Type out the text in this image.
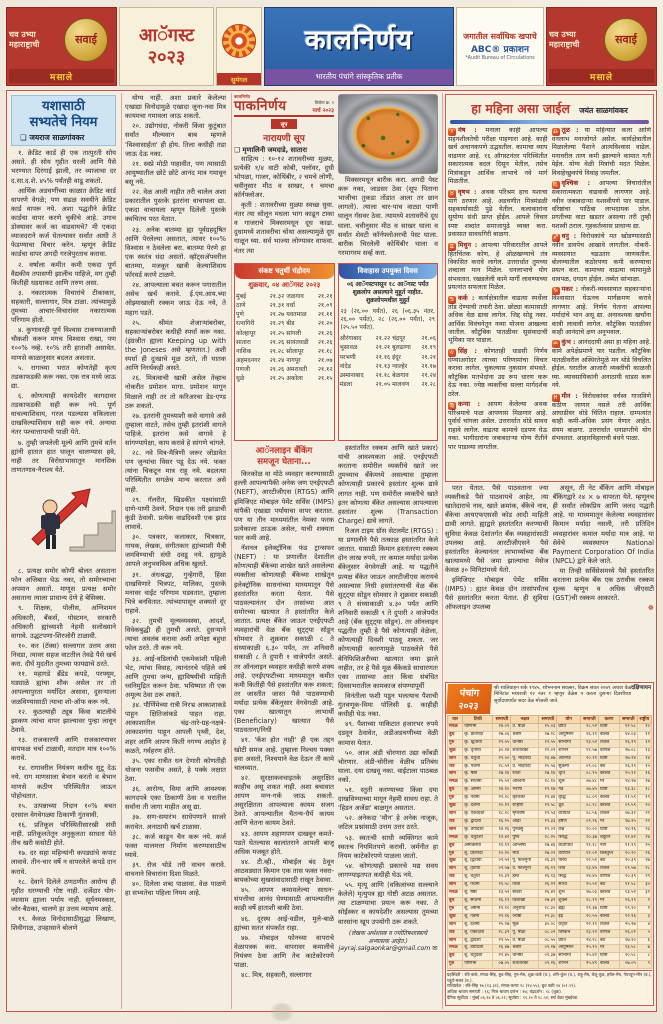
चव उभ्या महाराष्ट्राची	सवाई
मसाले
आॅगस्ट
२०२३
सुमंगल
कालनिर्णय
भारतीय पंचांगे सांस्कृतिक प्रतीक
जगातील सर्वाधिक खपाचे
ABC® प्रकाशन
*Audit Bureau of Circulations
चव उभ्या महाराष्ट्राची	सवाई
मसाले
यशासाठी
सभ्यतेचे नियम
❑ जयराज साळगांवकर

१. क्रेडिट कार्ड ही एक तात्पुरती सोय असते. ही सोय गृहीत धरली आणि पैसे भरण्यात दिरंगाई झाली, तर व्याजाचा दर द.सा.द.शे. ४५% पर्यंतही वाढू शकतो.

आर्थिक अडचणींच्या काळात क्रेडिट कार्ड वापरणे वेगळे; पण सढळ सवयीने क्रेडिट कार्ड वापरू नये. अशा पद्धतीने क्रेडिट कार्डचा वापर करणे चुकीचे आहे. उगाच डोक्यावर कर्ज का वाढवायचे? मी एकदा व्याजदराने कर्ज घेतल्यावर सर्वांत आधी ते फेडण्याचा विचार करेन. म्हणून क्रेडिट कार्डचा वापर अगदी गरजेपुरताच करावा.

२. वर्षाला कमीत कमी एकदा पूर्ण वैद्यकीय तपासणी झालीच पाहिजे, मग तुम्ही कितीही धडधाकट आणि तरुण असा.

३. नकारात्मक विचारांचे टीकाकार, सहकारी, सल्लागार, मित्र टाळा. त्यांच्यामुळे तुमच्या आचार-विचारांवर नकारात्मक परिणाम होतो.

४. कुणावरही पूर्ण विश्वास टाकण्याआधी चौकशी करून मगच विश्वास राखा, पण १००% नव्हे. १०% तरी हाताशी असावेत. माणसे काळानुसार बदलत असतात.

५. रागाच्या भरात कोणतेही कृत्य तडकाफडकी करू नका. एक रात्र मध्ये जाऊ द्या.

६. कोणत्याही कायदेशीर कागदावर तडकाफडकी सही करू नये. पूर्ण वाचल्याशिवाय, गरज पडल्यास वकिलाला दाखविल्याशिवाय सही करू नये. अन्यथा नंतर पश्चात्तापाची पाळी येते.

७. तुम्ही जपलेली मूल्ये आणि तुमचे वर्तन ह्यांनी हातात हात घालून चालण्यास हवे, नाही तर विरोधाभासातून मानसिक ताणतणाव-नैराश्य येते.

८. प्रत्यक्ष समोर कोणी बोलत असताना फोन अजिबात घेऊ नका, तो समोरच्याचा अपमान असतो. माणूस प्रत्यक्ष समोर असताना त्याला प्राधान्य देणे हे बेसिक्स.

९. शिक्षक, पोलीस, अग्निशमन अधिकारी, बँकर्स, पोस्टमन, सरकारी अधिकारी ह्यांच्याशी नेहमी सलोख्याने वागावे. उद्धटपणा-शिरजोरी टाळावी.

१०. कर (टॅक्स) सल्लागार उत्तम असा निवडा, त्यावर सहज वाटतील तेवढे पैसे खर्च करा. दीर्घ मुदतीत तुमच्या फायद्याचे ठरते.

११. महागडे ब्रँडेड कपडे, परफ्यूम, घड्याळे ह्यांचा शौक असेल तर तो आपल्यापुरता मर्यादित असावा, दुसऱ्याला जळविण्यासाठी त्याचा शो-ऑफ करू नये.

१२. कुठल्याही ट्यूब किंवा बाटलीचे झाकण त्यांचा वापर झाल्यावर पुन्हा लावून ठेवावे.

१३. राजकारणी आणि राजकारणावर वायफळ चर्चा टाळावी, मतदान मात्र १००% करावे.

१४. रागावरील नियंत्रण कधीच सुटू देऊ नये. राग माणसाला बेभान करतो व बेभान माणसे कठीण परिस्थितीत जाऊन पोहोचतात.

१५. उत्पन्नाच्या निदान १०% बचत दरसाल वेगवेगळ्या ठिकाणी गुंतवावी.

१६. प्रतिकूल परिस्थितीसारखी संधी नाही. प्रतिकूलतेतून अनुकूलता साधता येते तीच खरी कसोटी होते.

१७. दर सहा महिन्यांनी कपड्यांचे कपाट लावावे. तीन-चार वर्षे न वापरलेले कपडे दान करावे.

१८. देवाने दिलेले ठणठणीत आरोग्य ही गृहीत धरण्याची गोष्ट नाही. दर्जेदार योग-व्यायाम ह्याला पर्याय नाही. सूर्यनमस्कार, जोर-बैठका, चालणे हा उत्तम व्यायाम आहे.

१९. केवळ विनोदासाठीसुद्धा लिखाण, शिवीगाळ, उपहासाने बोलणे

योग्य नाही. अशा प्रकारे केलेल्या एखाद्या विनोदामुळे एखादा जुना-नवा मित्र कायमचा गमावला जाऊ शकतो.

२०. उद्योगधंदा, नोकरी किंवा कुटुंबात सर्वांत मौल्यवान बाब म्हणजे 'विश्वासार्हता' ही होय. तिला कधीही तडा जाऊ देऊ नका.

२१. स्वप्ने मोठी पाहावीत, पण त्यासाठी आयुष्यातील छोटे छोटे आनंद मात्र गमावून बसू नये.

२२. वेळ आली नाहीत तरी चालेल अशा प्रकारातील पुस्तके इतरांना वाचायला द्या. एकदा वाचायला म्हणून दिलेली पुस्तके क्वचितच परत येतात.

२३. अनेक बातम्या ह्या पूर्वग्रहदूषित आणि पेरलेल्या असतात, त्यावर १००% विश्वास न ठेवलेला बरा. बातम्या पेरणे हा एक स्वतंत्र धंदा असतो. व्हॉट्सअ‍ॅपवरील बातम्या, मजकूर खात्री केल्याशिवाय फॉरवर्ड करणे टाळणे.

२४. आपल्याला बचत करून पगारातील असेच खर्च करावे. ई.एम.आय.च्या ओझ्याखाली रक्कम जाऊ देऊ नये, ते महाग पडते.

२५. श्रीमंत शेजाऱ्यांबरोबर, सहकाऱ्यांबरोबर कधीही स्पर्धा करू नका. (इंग्रजीत ह्याला Keeping up with the Joneses असे म्हणतात.) अशी स्पर्धा ही दुःखाचे मूळ ठरते, ती घातक आणि निरर्थकही असते.

२६. मित्रत्वाची खात्री असेल तेव्हाच नोकरीत प्रमोशन मागा. प्रमोशन मागून मिळाले नाही तर तो करिअरचा डेड-एण्ड ठरू शकतो.

२७. इतरांनी तुमच्याशी कसे वागावे असे तुम्हाला वाटते, तसेच तुम्ही इतरांशी वागले पाहिजे. इतरांना कसे वागावे हे सांगण्यापेक्षा, काय करावे हे सांगणे चांगले.

२८. नवे मित्र-मैत्रिणी जरूर जोडावेत पण जुन्यांचा विसर पडू देऊ नये. फक्त त्यांना चिकटून मात्र राहू नये. बदलत्या परिस्थितीत सगळेच मान्य करतात असे नाही.

२९. गॅलरीत, खिडकीत पक्ष्यांसाठी दाणे-पाणी ठेवणे. निदान एक तरी झाडाची कुंडी ठेवावी. प्रत्येक वाढदिवशी एक झाड लावावे.

३०. पत्रकार, कलाकार, चित्रकार, गायक, लेखक, संगीतकार ह्यांच्याशी मैत्री जमविण्याची संधी दवडू नये. ह्यामुळे आपले अनुभवविश्व अधिक खुलते.

३१. अंधश्रद्धा, गुन्हेगारी, हिंसा दाखविणारे चित्रपट, मालिका, पुस्तके मनावर वाईट परिणाम घडवतात, तुम्हाला भित्रे बनवितात. त्यांच्यापासून शक्यतो दूर राहावे.

३२. तुमची मूल्यव्यवस्था, आदर्श, विवेकबुद्धी ही तुमची असते. दुसऱ्याने त्याचा अवलंब करावा अशी अपेक्षा बहुधा फोल ठरते. ती करू नये.

३३. आई-वडिलांची एकमेकांशी पहिली भेट, त्यांचा विवाह, त्यानंतरचे पहिले वर्ष आणि तुमचा जन्म, ह्याविषयीची माहिती ध्वनिमुद्रित करून ठेवा. भविष्यात ती एक अमूल्य ठेवा ठरू शकते.

३४. पौर्णिमेच्या रात्री निरभ्र आकाशाकडे पाहून क्षितिजांकडे पाहत राहा. आकाशातील चंद्र-तारे-ग्रह-नक्षत्रे-आकाशगंगा पाहून आपली पृथ्वी, देश, शहर आणि आपण किती नगण्य आहोत हे कळते, गर्वहरण होते.

३५. एका रात्रीत धन देणारी कोणतीही योजना फसवीच असते, हे पक्के लक्षात ठेवा.

३६. आरोग्य, विमा आणि आवश्यक कागदपत्रे एका ठिकाणी ठेवा व घरातील सर्वांना ती जागा माहीत असू द्या.

३७. सण-समारंभ साधेपणाने साजरे करावेत. अनाठायी खर्च टाळावा.

३८. कर्ज काढून चैन करू नये. कर्ज फक्त मालमत्ता निर्माण करण्यासाठीच घ्यावे.

३९. रोज थोडे तरी वाचन करावे. वाचनाने विचारांना दिशा मिळते.

४०. दिलेला शब्द पाळावा. वेळ पाळणे हा सभ्यतेचा पहिला नियम आहे.

कालनिर्णय
पाकनिर्णय	विजेता क्र. १
मार्च २०२३
सूप
नारायणी सूप
❑ मृणालिनी जमदाडे, सातारा

साहित्य : १०-१२ शतावरीच्या मुळ्या, प्रत्येकी १/४ वाटी कोबी, फ्लॉवर, दुधी भोपळा, गाजर, कोथिंबीर, २ चमचे लोणी, चवीनुसार मीठ व साखर, १ चमचा कॉर्नफ्लोअर.

कृती : शतावरीच्या मुळ्या स्वच्छ धुवा. नंतर त्या सोलून मधला भाग काढून टाका व गाजराचे मिक्सरमधून दूध काढा. दुधामध्ये शतावरीचा चोथा असल्यामुळे दूध गाळून घ्या. सर्व भाज्या लोण्यावर वाफवा. नंतर त्या

मिक्सरमधून बारीक करा. अगदी पेस्ट करू नका, जाडसर ठेवा (सूप पिताना भाजीचा तुकडा तोंडात आला तर छान लागतो). त्याला चार-पाच वाट्या पाणी घालून गॅसवर ठेवा. त्यामध्ये शतावरीचे दूध घाला. चवीनुसार मीठ व साखर घाला व सर्वांत शेवटी कॉर्नफ्लोअरची पेस्ट घाला. बारीक चिरलेली कोथिंबीर घाला व गरमागरम सर्व्ह करा.

संकष्ट चतुर्थी चंद्रोदय
शुक्रवार, ०४ आॅगस्ट २०२३
मुंबई	२१.३२	जळगाव	२१.२१
ठाणे	२१.३१	वर्धा	२१.०९
पुणे	२१.२७	यवतमाळ	२१.११
रत्नागिरी	२१.२९	बीड	२१.२०
कोल्हापूर	२१.२५	सांगली	२१.२६
सातारा	२१.२६	सावंतवाडी	२१.२६
नाशिक	२१.२८	सोलापूर	२१.१८
अहमदनगर	२१.२४	नागपूर	२१.०७
पणजी	२१.२६	अमरावती	२१.१२
धुळे	२१.२५	अकोला	२१.१५
विवाहास उपयुक्त दिवस
०६ आॅगस्टपासून १८ आॅगस्ट पर्यंत शुक्रलोप असल्याने मुहूर्त नाहीत. शुक्रलोपमधील मुहूर्त
२३ (२६.०० पर्यंत), २६ (०६.३५ नंतर, २६.०० पर्यंत), २८ (२६.०० पर्यंत), २९ (२५.५० पर्यंत).
औरंगाबाद	२१.२२	चंद्रपूर	२१.०६
भुसावळ	२१.२१	बुलढाणा	२१.१९
परभणी	२१.१६	इंदूर	२१.२१
नांदेड	२१.१३	ग्वाल्हेर	२१.१७
उस्मानाबाद	२१.१८	बेळगाव	२१.२४
मंडला	२१.०५	मालवण	२१.२८
आॅनलाइन बँकिंग
समजून घेताना...

किरकोळ वा मोठे व्यवहार करण्यासाठी हल्ली आपल्यापैकी अनेक जण एनईएफटी (NEFT), आरटीजीएस (RTGS) आणि इमिजिएट मोबाइल पेमेंट सर्विस (IMPS) यांपैकी एखाद्या पर्यायाचा वापर करतात. पण या तीन माध्यमांतील नेमका फरक प्रत्येकाला ठाऊक असेल, याची शक्यता फार कमी आहे.

नॅशनल इलेक्ट्रॉनिक फंड ट्रान्सफर (NEFT) : या प्रणालीत देशातील कोणत्याही बँकेच्या शाखेत खाते असलेल्या व्यक्तीला कोणत्याही बँकेच्या शाखेतून इलेक्ट्रॉनिक साधनांच्या माध्यमातून पैसे हस्तांतरित करता येतात. पैसे पाठवल्यानंतर दोन तासांच्या आत समोरच्या खात्यात ते हस्तांतरित केले जातात. प्रत्यक्ष बँकेत जाऊन एनईएफटी व्यवहारांची वेळ बँक सुट्ट्या सोडून सोमवार ते शुक्रवार सकाळी ८ ते संध्याकाळी ६.३० पर्यंत, तर शनिवारी सकाळी ८ ते दुपारी १ वाजेपर्यंत असते. तर ऑनलाइन व्यवहार कधीही करणे शक्य आहे. एनईएफटीच्या माध्यमातून कमीत कमी कितीही पैसे हस्तांतरित करू शकता; तर जास्तीत जास्त पैसे पाठवण्याची मर्यादा प्रत्येक बँकेनुसार वेगवेगळी आहे. एका खात्यातून लाभार्थी (Beneficiary) खात्यात पैसे पाठवताना/निधी

४१. 'कॅश होत नाही' ही एक तद्दन खोटी समज आहे. तुम्हाला निश्चय पक्का हवा असतो, निश्चयाने वेळ देऊन ती कामे चालव्यात.

४२. सुरक्षाकवचाइतके असुरक्षित काहीच असू शकत नाही. अशा बचावात आपण मग्न-गर्क जाऊ शकतो. असुरक्षितता आपल्याला कायम सजग ठेवते. आपल्यातील चैतन्य-धैर्य कायम आणि चेतना कायम ठेवते.

४३. आपण शहाणपण दाखवून कमते-पडते घेतल्यास कालांतराने आपली बाजू अधिक मजबूत होते.

४४. टी.व्ही., मोबाईल बंद ठेवून आठवड्यात किमान एक तास फक्त नवरा-बायकोच्या सुखसंवादासाठी राखून ठेवावा.

४५. आपण कमावलेल्या साधन-संपत्तीचा आनंद घेण्यासाठी आपल्यातील काही वर्षे हाताशी बाकी ठेवा.

४६. दूरस्थ आई-वडील, मुले-बाळे ह्यांच्या सतत संपर्कात राहा.

४७. मोबाइल फोनच्या वापराचे वेळापत्रक करा. वापरावर कमालीचे नियंत्रण ठेवा आणि तेच काटेकोरपणे पाळा.

४८. मित्र, सहकारी, सल्लागार

हस्तांतरित रक्कम आणि खाते प्रकार) यांची आवश्यकता आहे. एनईएफटी करताना समोरील व्यक्तीचे खाते जर तुमच्याच बँकेमध्ये असल्यास तुम्हाला कोणत्याही प्रकारचे हस्तांतर शुल्क द्यावे लागत नाही. पण समोरील व्यक्तीचे खाते इतर कोणत्या बँकेत असल्यास आपल्याला हस्तांतर शुल्क (Transaction Charge) द्यावे लागते.

रिअल टाइम ग्रॉस सेटलमेंट (RTGS) : या प्रणालीने पैसे तत्काळ हस्तांतरित केले जातात. यासाठी किमान हस्तांतरण रक्कम दोन लाख रुपये, तर कमाल मर्यादा प्रत्येक बँकेनुसार वेगवेगळी आहे. या पद्धतीने प्रत्यक्ष बँकेत जाऊन आरटीजीएस करायचे असल्यास निधी हस्तांतरणाची वेळ बँक सुट्ट्या सोडून सोमवार ते शुक्रवार सकाळी ९ ते संध्याकाळी ४.३० पर्यंत आणि शनिवारी सकाळी ९ ते दुपारी २ वाजेपर्यंत आहे (बँक सुट्ट्या सोडून). तर ऑनलाइन पद्धतीत तुम्ही हे पैसे कोणत्याही वेळेला, कोणत्याही दिवशी पाठवू शकता. जर कोणत्याही कारणामुळे पाठवलेले पैसे बेनिफिशिअरीच्या खात्यात जमा झाले नाहीत, तर हे पैसे मूळ बँकेकडे साधारणतः एका तासाच्या आत किंवा संबंधित दिवसभरातील कामकाज संपण्यापूर्वी

विनंतीला फशी पडून भलत्याच पैशाची गुंतवणूक-विमा पॉलिसी इ. काहीही कधीही घेऊ नका.

४९. पैशाच्या पाकिटात हजारभर रुपये दडवून ठेवावेत, अडीअडचणीच्या वेळी कामास येतात.

५०. आज अंडी चोरणारा उद्या कोंबडी चोरणार. अंडी-चोरीला वेळीच प्रतिबंध घाला. दया दाखवू नका. वाईटाला पाठबळ नको.

५१. स्तुती करण्याच्या किंवा दया दाखविण्याच्या मागून नेहमी सावध राहा. ते 'हिडन अजेंडा' बाळगून असतात.

५२. अनेकदा 'मौन' हे अनेक नाजूक, जटिल प्रश्नांसाठी उत्तम उत्तर ठरते.

५३. स्वतःची साधी व्यक्तिगत कामे स्वतःच नियमितपणे करावी. जर्मनीत हा नियम काटेकोरपणे पाळला जातो.

५४. कोणत्याही प्रकारचे मद्य सवय लागण्याइतपत कधीही घेऊ नये.

५५. मृत्यू आणि (वकिलांच्या सल्ल्याने केलेले) मृत्युपत्र ह्या गोष्टी अटळ असतात. त्या टाळण्याचा प्रयत्न करू नका. ते सोईस्कर व कायदेशीर असल्यास तुमच्या वारसांना खूप उपयोगी ठरू शकते.

(लेखक अर्थशास्त्र व ज्योतिषशास्त्राचे अभ्यासक आहेत.)
jayraj.salgaonkar@gmail.com ✉
हा महिना असा जाईल जयंत साळगांवकर
♈ मेष : मनाला काही आपल्या सहनशीलतेची परीक्षा पाहणारा आहे. काही खर्च अचानकपणे उद्भवतील. कामाचा व्याप वाढणार आहे. १६ ऑगस्टनंतर परिस्थितीत सकारात्मक बदल दिसून येतील, तसेच मित्रांकडून आर्थिक लाभाचे नवे मार्ग मिळतील.
♉ वृषभ : अथक परिश्रम हाच यशाचा मार्ग ठरणार आहे. अडचणीत मित्रमंडळी सहकार्यासाठी पुढे येतील. कलाकारांना सुयोग्य संधी प्राप्त होईल. आपले विचार स्पष्ट शब्दांत समाजापुढे व्यक्त करा. प्रवासात सावधगिरी बाळगा.
♊ मिथुन : आपल्या परिवारातील आपले हितचिंतक कोण, हे ओळखण्याचे तंत्र विकसित करावे लागेल. उत्तरार्धात तुमच्या शब्दाला मान मिळेल. धनलाभाचे योग संभवतात. रखडलेली कामे मार्गी लावण्याच्या प्रयत्नांत सफलता मिळेल.
♋ कर्क : कार्यक्षेत्रातील वाढत्या स्पर्धेला तोंड देण्याची तयारी ठेवा. छोट्या कामासाठी अधिक वेळ द्यावा लागेल. जिद्द सोडू नका. आर्थिक विवंचनेतून नव्या योजना आखल्या जातील. कौटुंबिक पातळीवर सुसंवादाची भूमिका पार पाडाल.
♌ सिंह : कोणताही धाडसी निर्णय घेण्याअगोदर त्याच्या परिणामांचा विचार करावा लागेल. चुकल्यास नुकसान संभवते. कौटुंबिक मतभेदांना उग्र रूप धारण करू देऊ नका. ज्येष्ठ व्यक्तींचा सल्ला मार्गदर्शक ठरेल.
♍ कन्या : आपण केलेल्या अथक परिश्रमाचे फळ आपणास मिळणार आहे. पूर्वार्ध चांगला असेल. उत्तरार्धात थोडे सावध राहावे लागेल. वाढत्या कामाचे दडपण घेऊ नका. भागीदारांना जबाबदाऱ्या योग्य रीतीने पार पाडाव्या लागतील.
♎ तूळ : या महिन्यात कला आणि धनलाभ मनाजोगते असेल. कार्यक्षेत्रातील मिळालेल्या पैशाने आत्मविश्वास वाढेल. मनावरील ताण कमी झाल्याने कामात गती येईल. योग्य वेळी मित्रांची मदत मिळेल. विवाहेच्छुकांचे विवाह जमतील.
♏ वृश्चिक : आपल्या विचारांतील सकारात्मकता वाढवावी लागणार आहे. नवीन जबाबदाऱ्या यशस्वीपणे पार पाडाल. वरिष्ठांचा पाठिंबा लाभदायक ठरेल. प्रगतीच्या वाटा खडतर असल्या तरी तुम्ही यशस्वी ठराल. गृहकर्तव्यास प्राधान्य द्या.
♐ धनु : विरोधकांचे मत खोडण्यासाठी नवीन डावपेच आखावे लागतील. नोकरी-व्यवसायात चढउतार जाणवतील. बोलण्यातील कठोरपणा कमी करण्याचा प्रयत्न करा. कामाच्या वाढत्या व्यापामुळे धावपळ, दगदग होईल. तब्येत सांभाळा.
♑ मकर : नोकरी-व्यवसायात सहकाऱ्यांना विश्वासात घेऊनच मार्गक्रमण करावे लागणार आहे. निर्णय घेताना आपल्या मर्यादांचे भान असू द्या. अनावश्यक खर्चांना कात्री लावावी लागेल. कौटुंबिक पातळीवर काही आनंदाचे क्षण अनुभवाल.
♒ कुंभ : आनंददायी असा हा महिना आहे. कामे अपेक्षेप्रमाणे पार पडतील. कौटुंबिक पातळीवरील अस्थिरतेमुळे मन थोडे विचलित होईल. घरातील आजारी व्यक्तीची काळजी घ्या. व्यावसायिकांनी अनाठायी धाडस करू नये.
♓ मीन : विरोधकांवर वर्चस्व गाजविणे कठीण जाणार नसले तरी आर्थिक आघाडीवर थोडे चिंतित राहाल. दाम्पत्यांत काही कमी-अधिक प्रसंग येणार आहेत. संयम बाळगा. उत्तरार्धात धनप्राप्तीचे योग संभवतात. आहारविहाराची बंधने पाळा.

परत येतात. पैसे पाठवताना ज्या व्यक्तीकडे पैसे पाठवायचे आहेत, त्या खातेदाराचे नाव, खाते क्रमांक, बँकेचे नाव, बँकेचा आयएफएससी कोड आदी माहिती द्यावी लागते. ह्याद्वारे हस्तांतरित करण्याची सुविधा केवळ देशांतर्गत बँक व्यवहारांसाठी उपलब्ध आहे. आरटीजीएसने पैसे हस्तांतरित केल्यानंतर लाभार्थ्याच्या बँक खात्यामध्ये पैसे जमा झाल्याचा मेसेज केवळ ३० मिनिटांमध्ये येतो.

इमिजिएट मोबाइल पेमेंट सर्विस (IMPS) : ह्यात केवळ दोन तासांपर्यंतच पैसे हस्तांतरित करता येतात. ही सुविधा ऑफलाइन उपलब्ध

असून, ती नेट बँकिंग आणि मोबाइल बँकिंगद्वारे २४ × ७ वापरता येते. म्हणूनच ही सर्वांत लोकप्रिय आणि जलद पद्धती आहे. या माध्यमातून केलेल्या व्यवहारांवर किमान मर्यादा नसली, तरी प्रतिदिन व्यवहारांवर कमाल मर्यादा मात्र आहे. या सेवेचे व्यवस्थापन National Payment Corporation Of India (NPCL) द्वारे केले जाते.

या तिन्ही सर्विसेसमध्ये पैसे हस्तांतरित करताना प्रत्येक बँक एक ठरावीक रक्कम शुल्क म्हणून व अधिक जीएसटी (GST)ची रक्कम आकारते.

☸
पंचांग
२०२३
दक्षिणायन
श्री शालिवाहन शके १९४५, शोभननाम संवत्सर, विक्रम संवत २०७९ अथवा वेळ मिनिटांत मध्यरात्री १२ नंतर १ म्हणून वेळेस न करता दुसऱ्या दिवशीच्या सूर्योदयापर्यंत सदर वेळ मोजली जाते.
वार	तिथी	समाप्ती	नक्षत्र	समाप्ती	योग	समाप्ती	करण	समाप्ती	राष्ट्रीय
मंगळ	पौर्णिमा	२४.०१	उ. षाढा	१५.०३	प्रीति	१८.५२	विष्टि	१२.५८	१०
बुध	कृ. प्रतिपदा	२७.०६	श्रवण	१७.२८	आयुष्मान	१६.११	बालव	१४.०३	११
गुरु	कृ. द्वितीया	२९.५५	धनिष्ठा	१९.५५	सौभाग्य	१३.५२	तैतिल	१६.२९	१२
शुक्र	कृ. तृतीया	३०.२४	शततारका	२२.०२	शोभन	११.५७	वणिज	१७.०८	१३
शनि	कृ. चतुर्थी	२९.५०	पू. भाद्रपदा	२३.४७	अतिगंड	१०.२१	विष्टि	१७.२४	१४
रवि	कृ. पंचमी	२८.५२	उ. भाद्रपदा	२५.५६	सुकर्मा	०९.०८	बव	१६.१९	१५
सोम	कृ. षष्ठी	२७.१४	रेवती	२७.१४	धृति	०८.१५	कौलव	१५.११	१६
मंगळ	कृ. सप्तमी	२५.५१	अश्विनी	२८.१०	शूल	०७.४८	गर	१४.२७	१७
बुध	कृ. अष्टमी	२४.१०	भरणी	२९.१७	गंड	०७.४५	विष्टि	१३.३८	१८
गुरु	कृ. नवमी	२२.२८	कृत्तिका	२९.४४	वृद्धि	०८.०९	बालव	११.५९	१९
शुक्र	कृ. दशमी	२०.२९	रोहिणी	२९.५८	ध्रुव	०८.२८	कौलव	०९.५९	२०
शनि	कृ. एकादशी	१८.२८	मृगशीर्ष	२९.५३	व्याघात	०८.५६	तैतिल	०७.३१	२१
रवि	कृ. द्वादशी	१६.२५	आर्द्रा	२९.३३	हर्षण	०९.२६	गर	१७.२५	२२
सोम	कृ. त्रयोदशी	१४.२६	पुनर्वसु	२९.०२	वज्र	१०.००	विष्टि	१४.२६	२३
मंगळ	कृ. चतुर्दशी	१२.४२	पुष्य	२८.२५	सिद्धि	१०.३७	शकुनि	१२.४२	२४
बुध	अमावास्या	११.१९	आश्लेषा	२७.४६	व्यतीपात	११.१८	नाग	११.१९	२५
गुरु	शु. प्रतिपदा	१०.२०	मघा	२७.०९	वरीयान	१२.०२	किंस्तुघ्न	१०.२०	२६
शुक्र	शु. द्वितीया	०९.५२	पू. फाल्गुनी	२६.३९	परिघ	१२.५१	बव	२०.३९	२७
शनि	शु. तृतीया	०९.५७	उ. फाल्गुनी	२६.१९	शिव	१३.४५	तैतिल	०९.५७	२८
रवि	शु. चतुर्थी	१०.३९	हस्त	२६.१३	सिद्ध	१४.४५	वणिज	१०.३९	२९
सोम	शु. पंचमी	११.५८	चित्रा	२६.२२	साध्य	१५.५१	बव	११.५८	३०
मंगळ	शु. षष्ठी	१३.५२	स्वाती	२६.४९	शुभ	१७.०३	कौलव	१३.५२	३१
बुध	शु. सप्तमी	१६.१९	विशाखा	२७.३२	शुक्ल	१८.१९	गर	१६.१९	१
गुरु	शु. अष्टमी	१९.१०	अनुराधा	२८.३०	ब्रह्म	१९.३७	विष्टि	१९.१०	२
शुक्र	शु. नवमी	२२.१६	ज्येष्ठा	२९.३८	इंद्र	२०.५५	बालव	२२.१६	३
शनि	शु. दशमी	२५.२७	मूळ	३०.०८	वैधृति	२२.११	तैतिल	२५.२७	४
रवि	शु. एकादशी	२८.३२	पू. षाढा	०८.०२	विष्कंभ	२३.२२	वणिज	१६.०२	५
सोम	शु. द्वादशी	२९.५५	उ. षाढा	०८.५५	प्रीति	२४.२८	बव	१७.१०	६
मंगळ	शु. त्रयोदशी	२६.४७	श्रवण	०९.२७	आयुष्मान	२५.१५	गर	१३.५८	७
बुध	शु. चतुर्दशी	२२.४५	धनिष्ठा	०९.३७	सौभाग्य	२५.४२	विष्टि	१०.५८	८
गुरु	पौर्णिमा	०७.०५	शततारका	०९.२६	शोभन	२५.४९	बालव	०७.०५	९
ग्रहस्थिती : रवि-कर्क, मंगळ-सिंह, बुध-सिंह, गुरु-मेष, शुक्र-कर्क (व.), शनि-कुंभ (व.), राहू-मेष, केतू-तूळ, हर्षल-मेष, नेपच्यून-मीन (व.), प्लूटो-मकर (व.).
राशिप्रवेश : रवि-सिंह १७ (१३.३१), मंगळ-कन्या १८ (१४.५५), बुध वक्री २४ (०१.२९).
अधिक श्रावण समाप्ती : १६; निज श्रावण प्रारंभ : १७; चंद्रदर्शन : १८ (शुक्र).
दैनिक सूर्योदय : मुंबई ०६.१४ ते ०६.२१; सूर्यास्त : १९.१० ते १८.५२; सर्व वेळा मुंबईच्या.
